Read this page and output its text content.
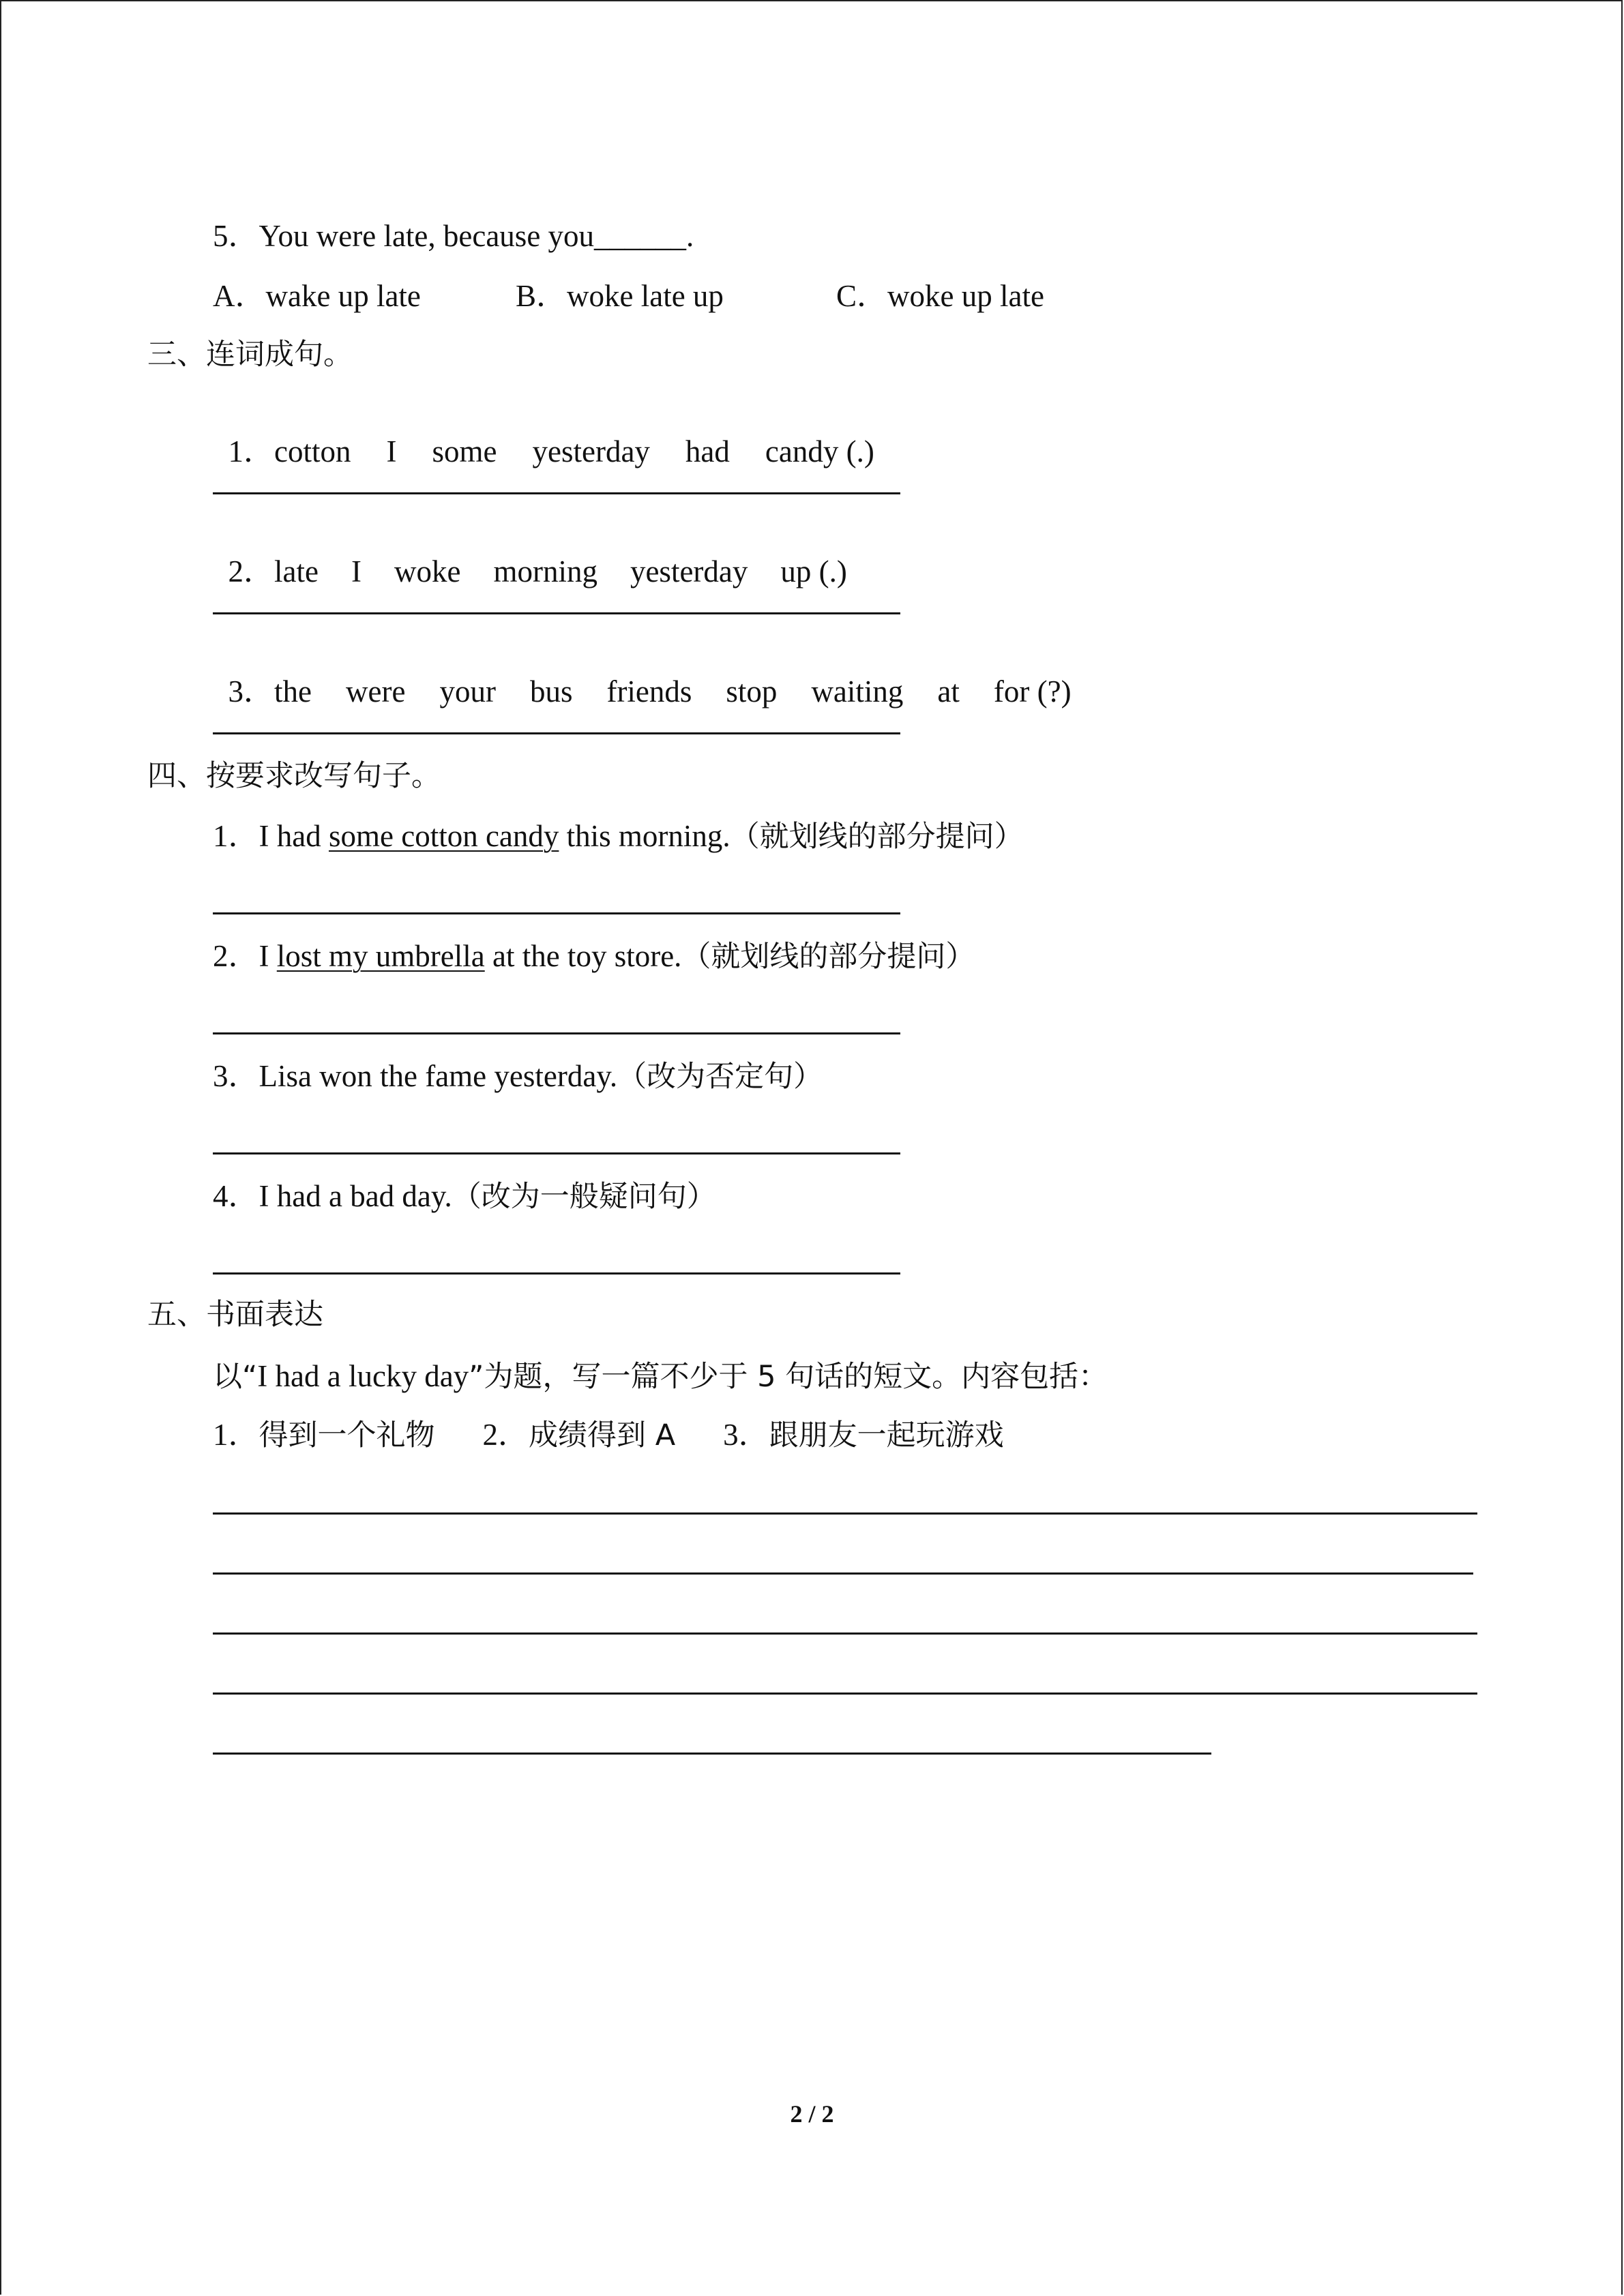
5．You were late, because you______.
A．wake up late	B．woke late up	C．woke up late
三、连词成句。

1．cotton I some yesterday had candy (.)

2．late I woke morning yesterday up (.)

3．the were your bus friends stop waiting at for (?)

四、按要求改写句子。
1．I had some cotton candy this morning.（就划线的部分提问）
2．I lost my umbrella at the toy store.（就划线的部分提问）
3．Lisa won the fame yesterday.（改为否定句）
4．I had a bad day.（改为一般疑问句）
五、书面表达
以“I had a lucky day”为题，写一篇不少于 5 句话的短文。内容包括：
1．得到一个礼物 2．成绩得到 A 3．跟朋友一起玩游戏
2 / 2
